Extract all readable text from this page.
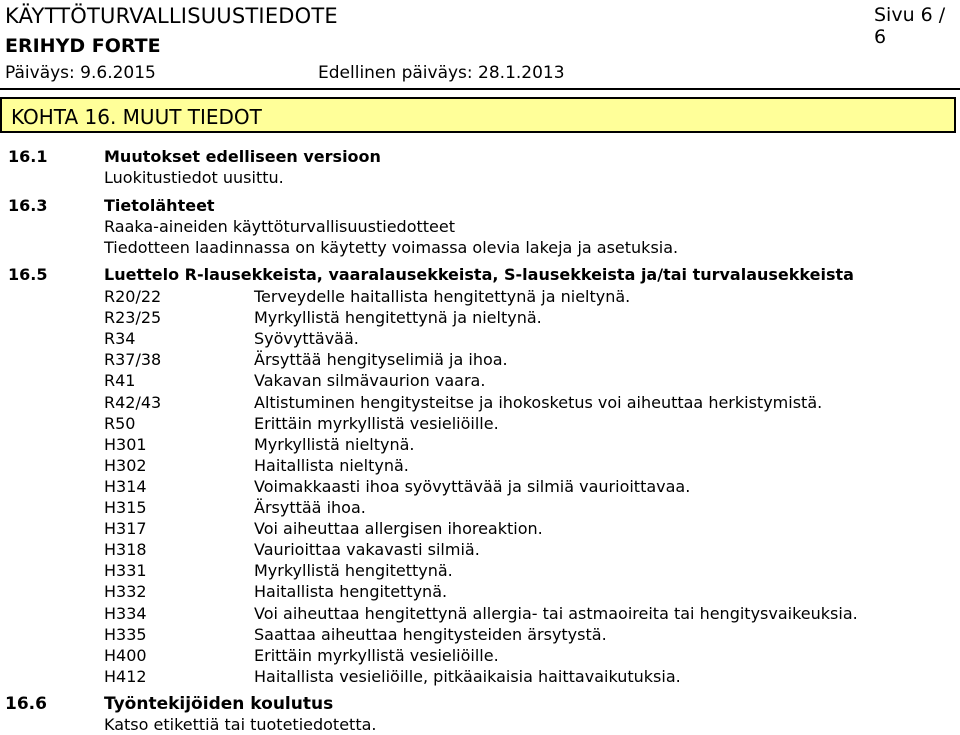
KÄYTTÖTURVALLISUUSTIEDOTE	Sivu 6 / 6
ERIHYD FORTE
Päiväys: 9.6.2015	Edellinen päiväys: 28.1.2013
KOHTA 16. MUUT TIEDOT
16.1	Muutokset edelliseen versioon
Luokitustiedot uusittu.
16.3	Tietolähteet
Raaka-aineiden käyttöturvallisuustiedotteet
Tiedotteen laadinnassa on käytetty voimassa olevia lakeja ja asetuksia.
16.5	Luettelo R-lausekkeista, vaaralausekkeista, S-lausekkeista ja/tai turvalausekkeista
R20/22	Terveydelle haitallista hengitettynä ja nieltynä.
R23/25	Myrkyllistä hengitettynä ja nieltynä.
R34	Syövyttävää.
R37/38	Ärsyttää hengityselimiä ja ihoa.
R41	Vakavan silmävaurion vaara.
R42/43	Altistuminen hengitysteitse ja ihokosketus voi aiheuttaa herkistymistä.
R50	Erittäin myrkyllistä vesieliöille.
H301	Myrkyllistä nieltynä.
H302	Haitallista nieltynä.
H314	Voimakkaasti ihoa syövyttävää ja silmiä vaurioittavaa.
H315	Ärsyttää ihoa.
H317	Voi aiheuttaa allergisen ihoreaktion.
H318	Vaurioittaa vakavasti silmiä.
H331	Myrkyllistä hengitettynä.
H332	Haitallista hengitettynä.
H334	Voi aiheuttaa hengitettynä allergia- tai astmaoireita tai hengitysvaikeuksia.
H335	Saattaa aiheuttaa hengitysteiden ärsytystä.
H400	Erittäin myrkyllistä vesieliöille.
H412	Haitallista vesieliöille, pitkäaikaisia haittavaikutuksia.
16.6	Työntekijöiden koulutus
Katso etikettiä tai tuotetiedotetta.
